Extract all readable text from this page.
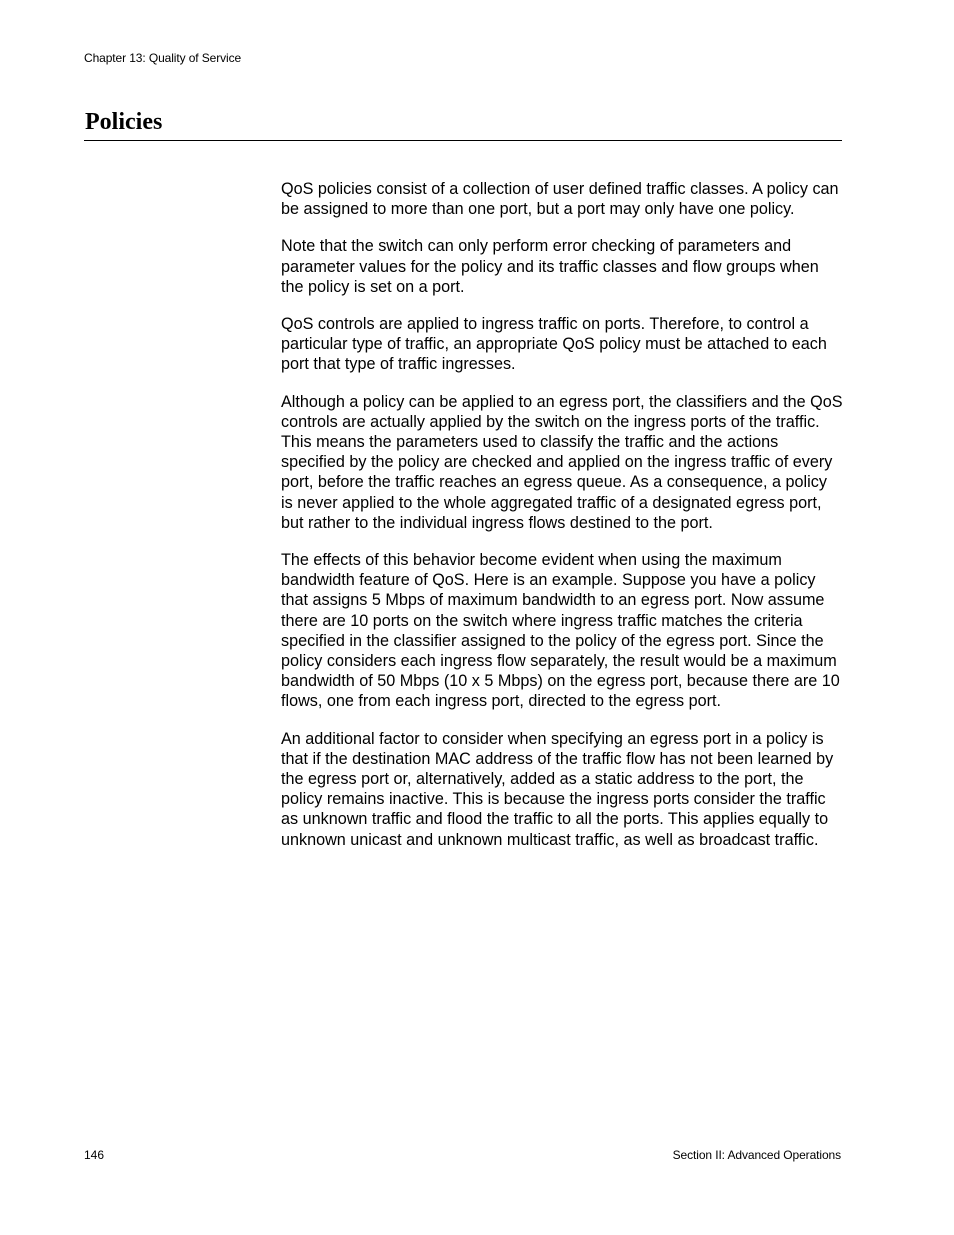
Chapter 13: Quality of Service
Policies

QoS policies consist of a collection of user defined traffic classes. A policy can be assigned to more than one port, but a port may only have one policy.

Note that the switch can only perform error checking of parameters and parameter values for the policy and its traffic classes and flow groups when the policy is set on a port.

QoS controls are applied to ingress traffic on ports. Therefore, to control a particular type of traffic, an appropriate QoS policy must be attached to each port that type of traffic ingresses.

Although a policy can be applied to an egress port, the classifiers and the QoS controls are actually applied by the switch on the ingress ports of the traffic. This means the parameters used to classify the traffic and the actions specified by the policy are checked and applied on the ingress traffic of every port, before the traffic reaches an egress queue. As a consequence, a policy is never applied to the whole aggregated traffic of a designated egress port, but rather to the individual ingress flows destined to the port.

The effects of this behavior become evident when using the maximum bandwidth feature of QoS. Here is an example. Suppose you have a policy that assigns 5 Mbps of maximum bandwidth to an egress port. Now assume there are 10 ports on the switch where ingress traffic matches the criteria specified in the classifier assigned to the policy of the egress port. Since the policy considers each ingress flow separately, the result would be a maximum bandwidth of 50 Mbps (10 x 5 Mbps) on the egress port, because there are 10 flows, one from each ingress port, directed to the egress port.

An additional factor to consider when specifying an egress port in a policy is that if the destination MAC address of the traffic flow has not been learned by the egress port or, alternatively, added as a static address to the port, the policy remains inactive. This is because the ingress ports consider the traffic as unknown traffic and flood the traffic to all the ports. This applies equally to unknown unicast and unknown multicast traffic, as well as broadcast traffic.

146	Section II: Advanced Operations
